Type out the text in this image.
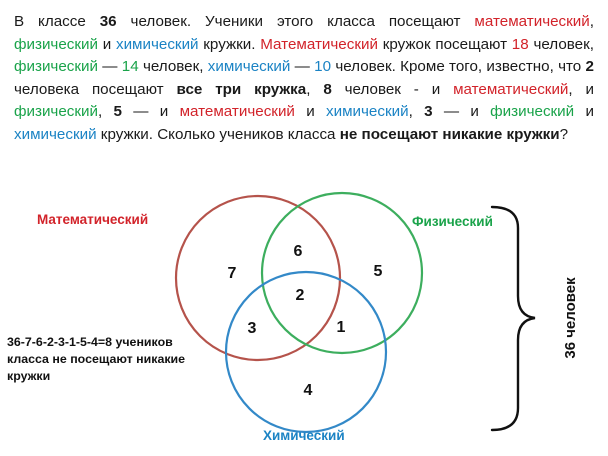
В классе 36 человек. Ученики этого класса посещают математический, физический и химический кружки. Математический кружок посещают 18 человек, физический — 14 человек, химический — 10 человек. Кроме того, известно, что 2 человека посещают все три кружка, 8 человек - и математический, и физический, 5 — и математический и химический, 3 — и физический и химический кружки. Сколько учеников класса не посещают никакие кружки?
Математический	Физический
Химический
7
6
5
2
3	1
4
36 человек
36-7-6-2-3-1-5-4=8 учеников класса не посещают никакие кружки
